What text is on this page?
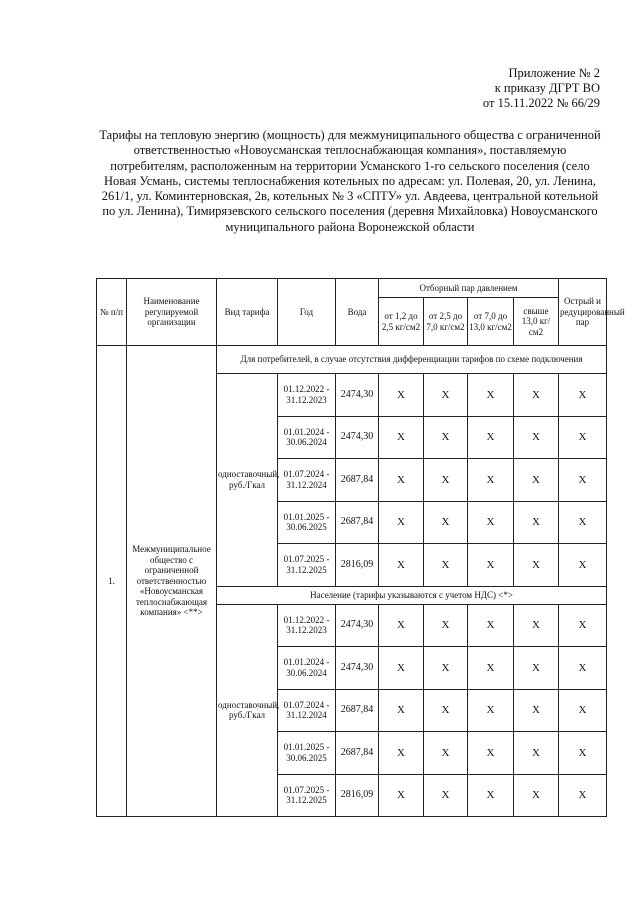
Приложение № 2
к приказу ДГРТ ВО
от 15.11.2022 № 66/29
Тарифы на тепловую энергию (мощность) для межмуниципального общества с ограниченной ответственностью «Новоусманская теплоснабжающая компания», поставляемую потребителям, расположенным на территории Усманского 1-го сельского поселения (село Новая Усмань, системы теплоснабжения котельных по адресам: ул. Полевая, 20, ул. Ленина, 261/1, ул. Коминтерновская, 2в, котельных № 3 «СПТУ» ул. Авдеева, центральной котельной по ул. Ленина), Тимирязевского сельского поселения (деревня Михайловка) Новоусманского муниципального района Воронежской области
№ п/п	Наименование регулируемой организации	Вид тарифа	Год	Вода	Отборный пар давлением				Острый и редуцированный пар
					от 1,2 до 2,5 кг/см2	от 2,5 до 7,0 кг/см2	от 7,0 до 13,0 кг/см2	свыше 13,0 кг/см2	
1.	Межмуниципальное общество с ограниченной ответственностью «Новоусманская теплоснабжающая компания» <**>	Для потребителей, в случае отсутствия дифференциации тарифов по схеме подключения							
		одноставочный, руб./Гкал	01.12.2022 - 31.12.2023	2474,30	X	X	X	X	X
			01.01.2024 - 30.06.2024	2474,30	X	X	X	X	X
			01.07.2024 - 31.12.2024	2687,84	X	X	X	X	X
			01.01.2025 - 30.06.2025	2687,84	X	X	X	X	X
			01.07.2025 - 31.12.2025	2816,09	X	X	X	X	X
		Население (тарифы указываются с учетом НДС) <*>							
		одноставочный, руб./Гкал	01.12.2022 - 31.12.2023	2474,30	X	X	X	X	X
			01.01.2024 - 30.06.2024	2474,30	X	X	X	X	X
			01.07.2024 - 31.12.2024	2687,84	X	X	X	X	X
			01.01.2025 - 30.06.2025	2687,84	X	X	X	X	X
			01.07.2025 - 31.12.2025	2816,09	X	X	X	X	X
